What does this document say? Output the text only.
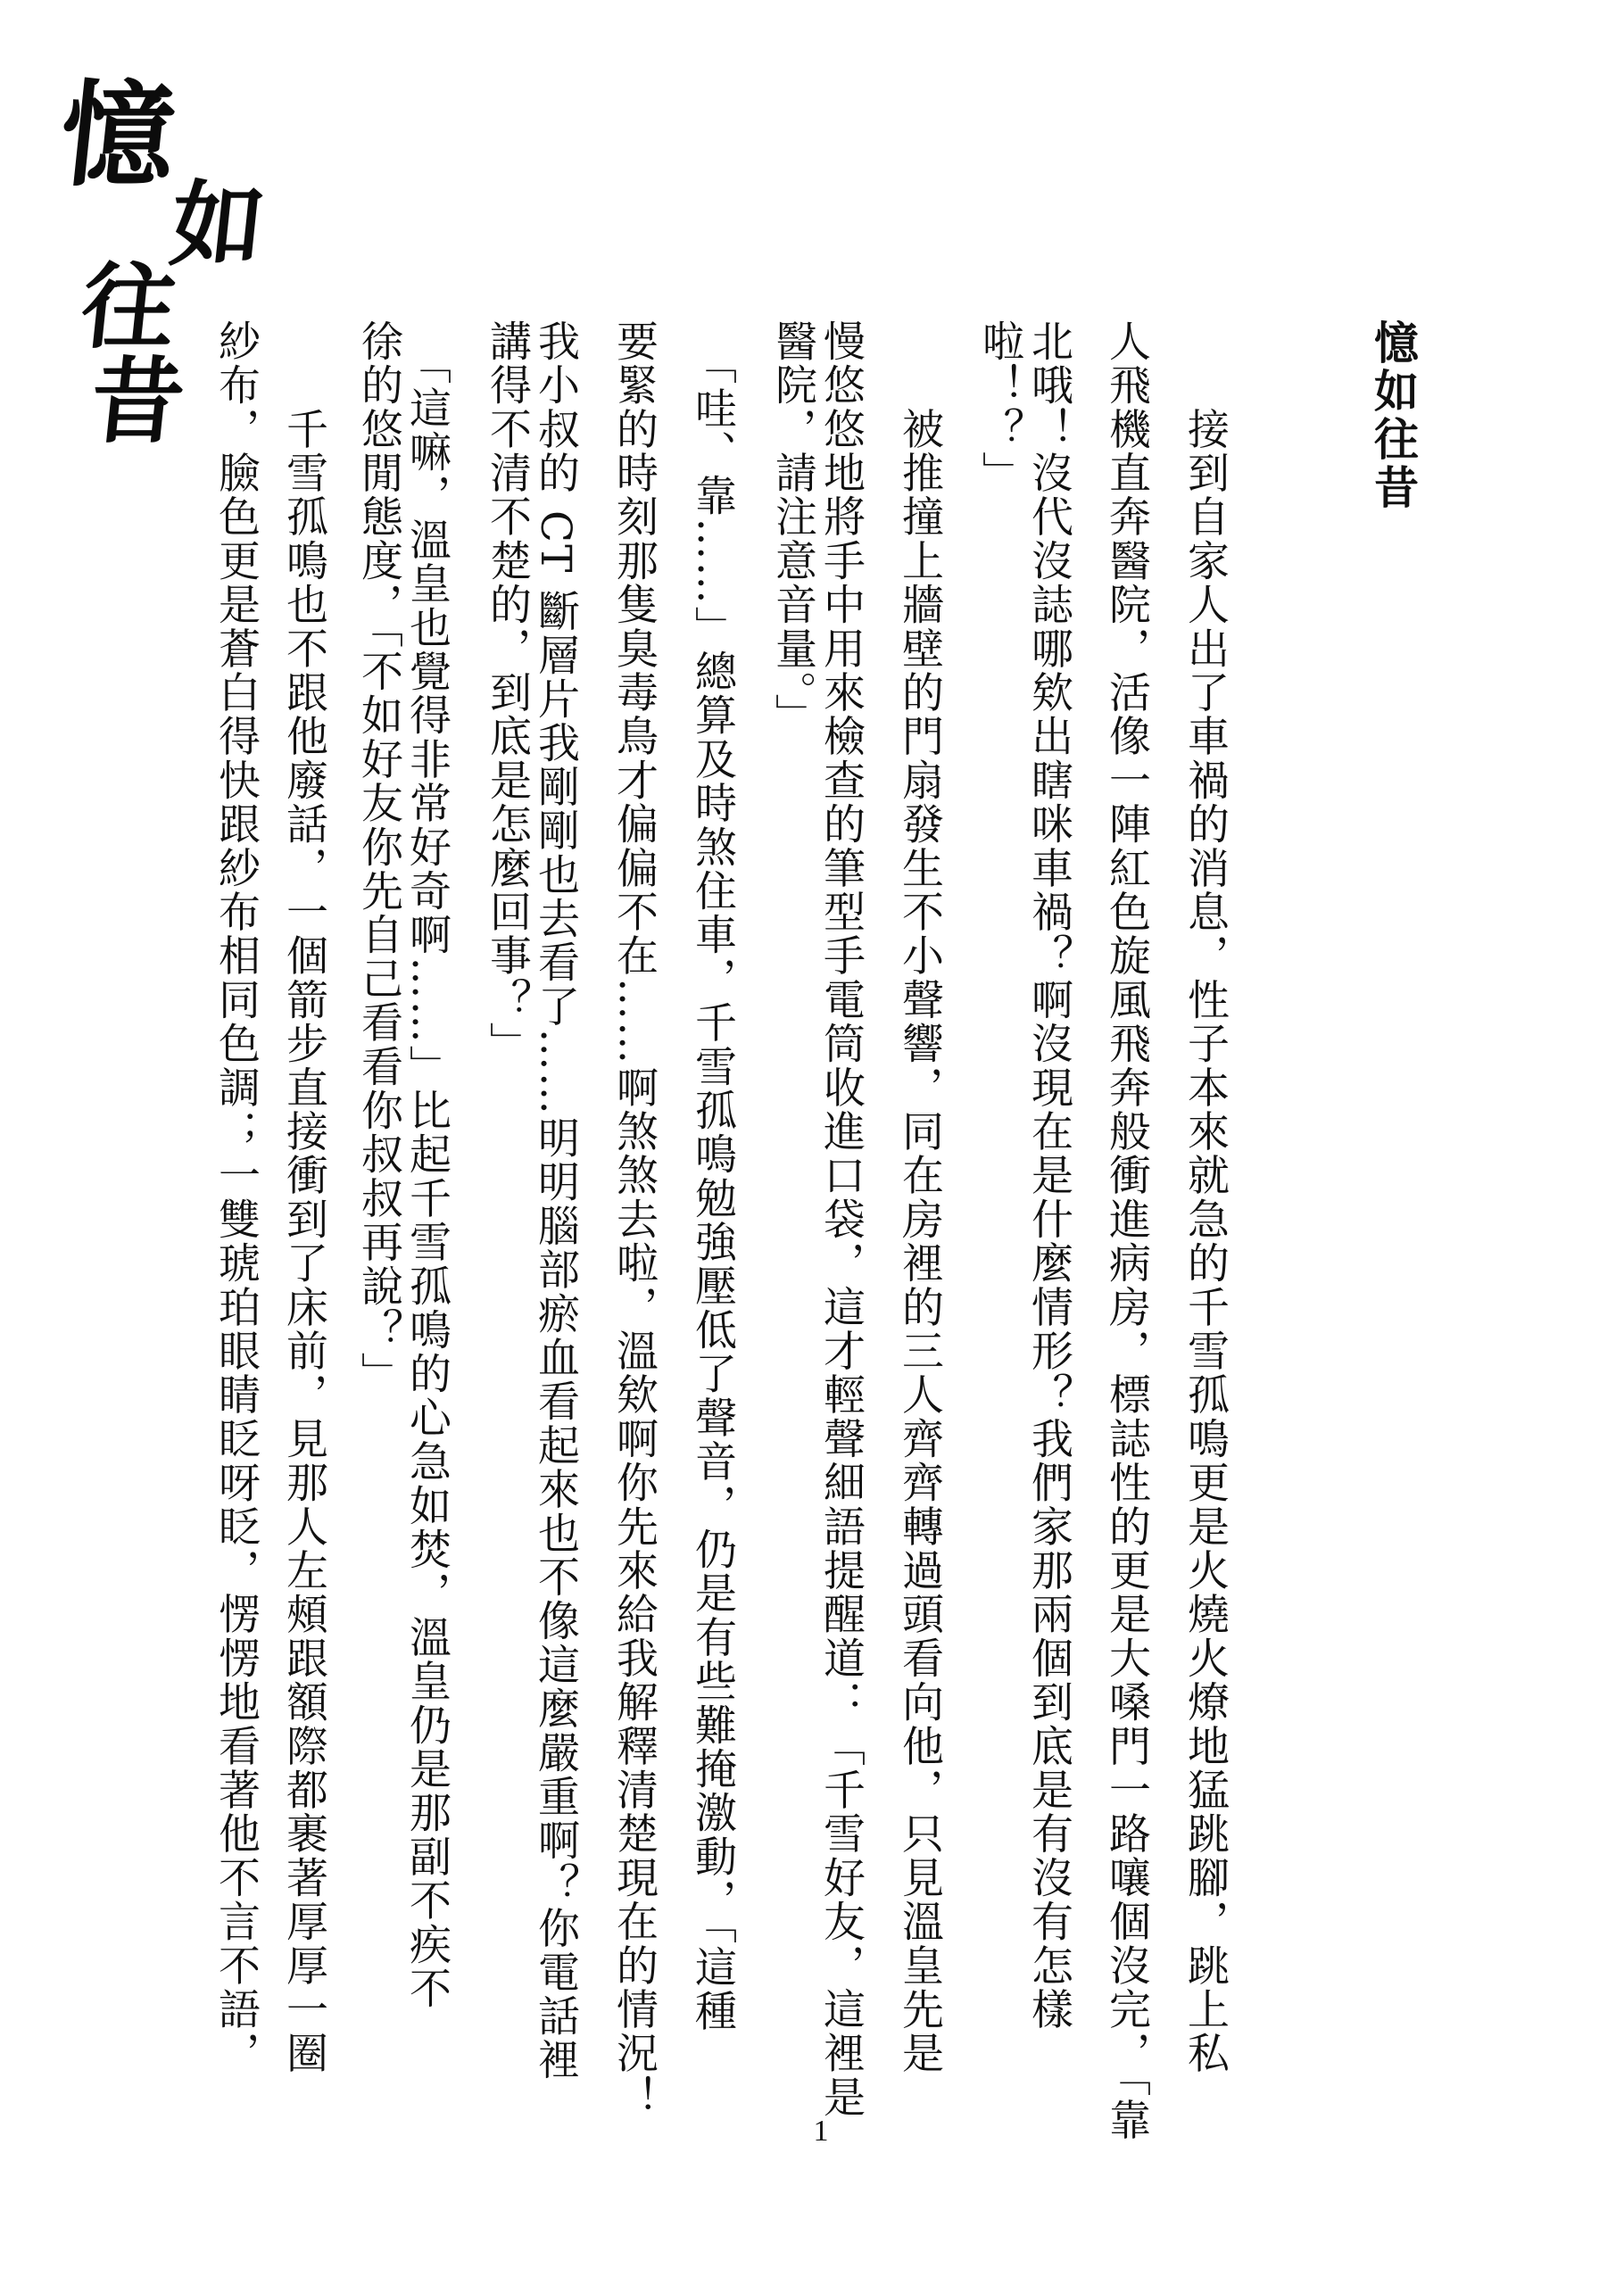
憶
如
往
昔	憶如往昔
　　接到自家人出了車禍的消息，性子本來就急的千雪孤鳴更是火燒火燎地猛跳腳，跳上私
人飛機直奔醫院，活像一陣紅色旋風飛奔般衝進病房，標誌性的更是大嗓門一路嚷個沒完，「靠
北哦！沒代沒誌哪欸出瞎咪車禍？啊沒現在是什麼情形？我們家那兩個到底是有沒有怎樣
啦！？」
　　被推撞上牆壁的門扇發生不小聲響，同在房裡的三人齊齊轉過頭看向他，只見溫皇先是
慢悠悠地將手中用來檢查的筆型手電筒收進口袋，這才輕聲細語提醒道：「千雪好友，這裡是
醫院，請注意音量。」
　「哇、靠……」總算及時煞住車，千雪孤鳴勉強壓低了聲音，仍是有些難掩激動，「這種
要緊的時刻那隻臭毒鳥才偏偏不在……啊煞煞去啦，溫欸啊你先來給我解釋清楚現在的情況！
我小叔的 CT 斷層片我剛剛也去看了……明明腦部瘀血看起來也不像這麼嚴重啊？你電話裡
講得不清不楚的，到底是怎麼回事？」
　「這嘛，溫皇也覺得非常好奇啊……」比起千雪孤鳴的心急如焚，溫皇仍是那副不疾不
徐的悠閒態度，「不如好友你先自己看看你叔叔再說？」
　　千雪孤鳴也不跟他廢話，一個箭步直接衝到了床前，見那人左頰跟額際都裹著厚厚一圈
紗布，臉色更是蒼白得快跟紗布相同色調；一雙琥珀眼睛眨呀眨，愣愣地看著他不言不語，
1
